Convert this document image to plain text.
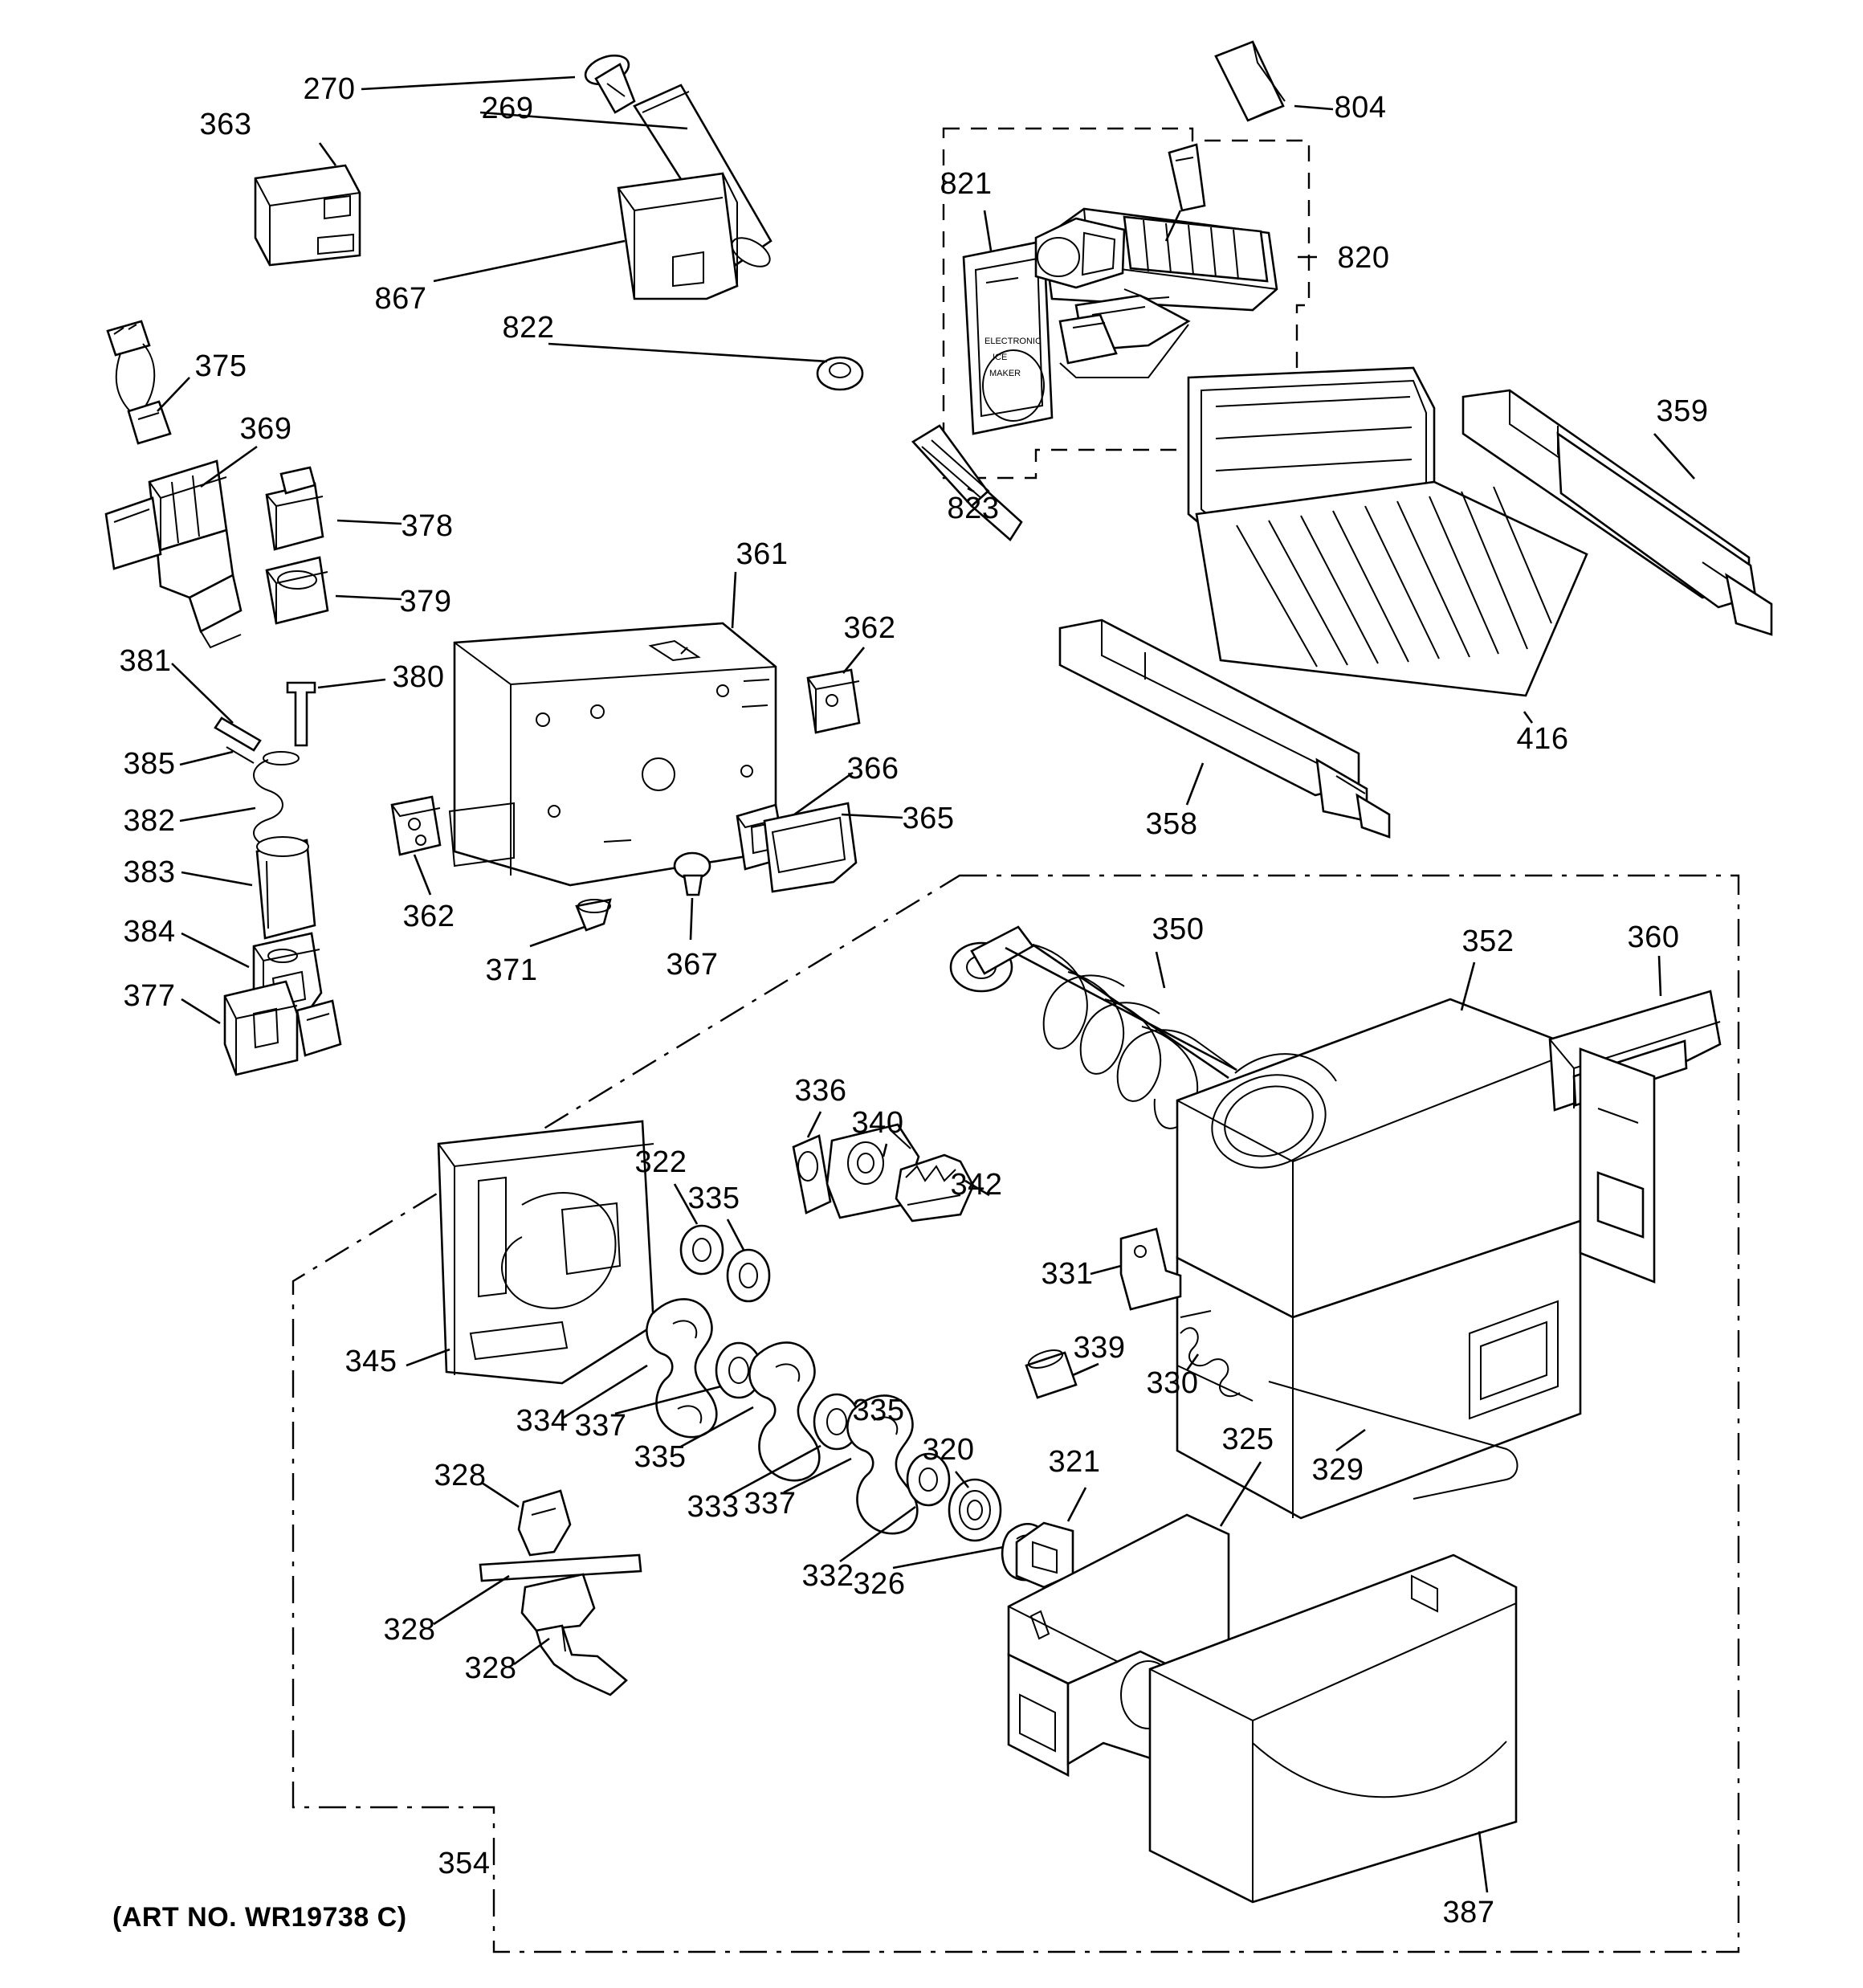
ELECTRONIC
ICE
MAKER
363
270
269
867
822
821
804
820
823
375
369
378
379
381	380
385
382
383
384
377
361
362
362
366
365
371	367
359
416
358
350	352	360
336
340
342
322
335
345
334 337
335
333 337
332
335
320
326
321
325
339
330
331
329
328
328
328
354
387
(ART NO. WR19738 C)
